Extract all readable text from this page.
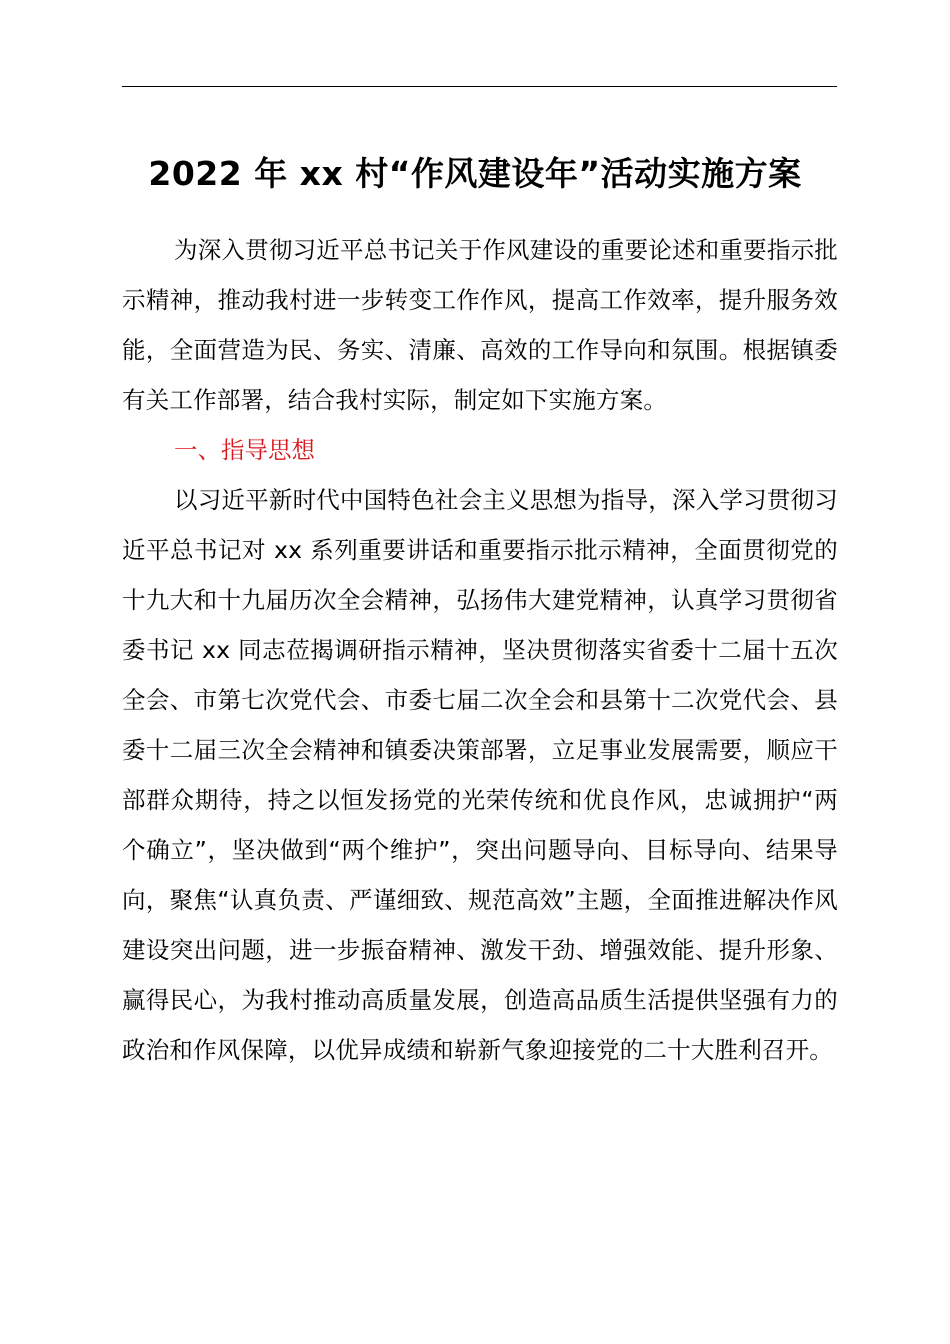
2022 年 xx 村“作风建设年”活动实施方案

为深入贯彻习近平总书记关于作风建设的重要论述和重要指示批示精神，推动我村进一步转变工作作风，提高工作效率，提升服务效能，全面营造为民、务实、清廉、高效的工作导向和氛围。根据镇委有关工作部署，结合我村实际，制定如下实施方案。

一、指导思想

以习近平新时代中国特色社会主义思想为指导，深入学习贯彻习近平总书记对 xx 系列重要讲话和重要指示批示精神，全面贯彻党的十九大和十九届历次全会精神，弘扬伟大建党精神，认真学习贯彻省委书记 xx 同志莅揭调研指示精神，坚决贯彻落实省委十二届十五次全会、市第七次党代会、市委七届二次全会和县第十二次党代会、县委十二届三次全会精神和镇委决策部署，立足事业发展需要，顺应干部群众期待，持之以恒发扬党的光荣传统和优良作风，忠诚拥护“两个确立”，坚决做到“两个维护”，突出问题导向、目标导向、结果导向，聚焦“认真负责、严谨细致、规范高效”主题，全面推进解决作风建设突出问题，进一步振奋精神、激发干劲、增强效能、提升形象、赢得民心，为我村推动高质量发展，创造高品质生活提供坚强有力的政治和作风保障，以优异成绩和崭新气象迎接党的二十大胜利召开。
